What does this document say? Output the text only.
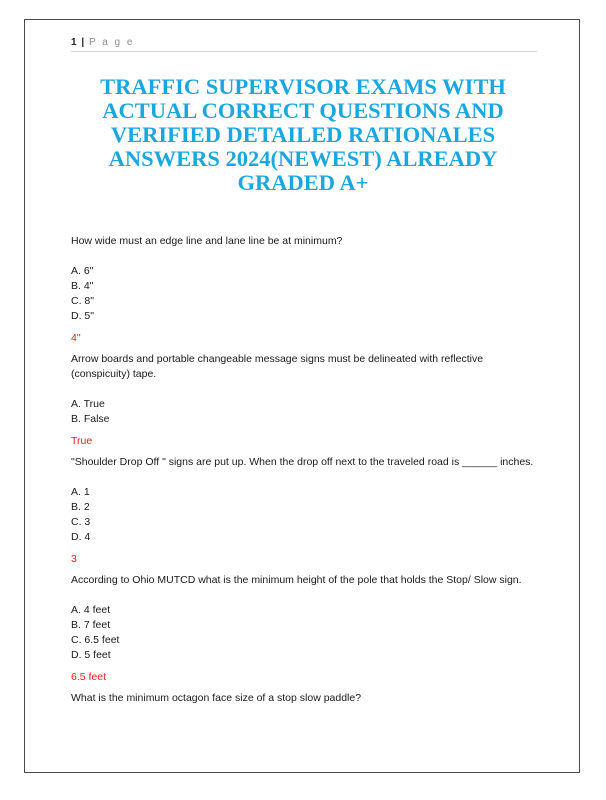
1 | P a g e
TRAFFIC SUPERVISOR EXAMS WITH ACTUAL CORRECT QUESTIONS AND VERIFIED DETAILED RATIONALES ANSWERS 2024(NEWEST) ALREADY GRADED A+

How wide must an edge line and lane line be at minimum?

A. 6"

B. 4"

C. 8"

D. 5"

4"

Arrow boards and portable changeable message signs must be delineated with reflective (conspicuity) tape.

A. True

B. False

True

"Shoulder Drop Off " signs are put up. When the drop off next to the traveled road is ______ inches.

A. 1

B. 2

C. 3

D. 4

3

According to Ohio MUTCD what is the minimum height of the pole that holds the Stop/ Slow sign.

A. 4 feet

B. 7 feet

C. 6.5 feet

D. 5 feet

6.5 feet

What is the minimum octagon face size of a stop slow paddle?
